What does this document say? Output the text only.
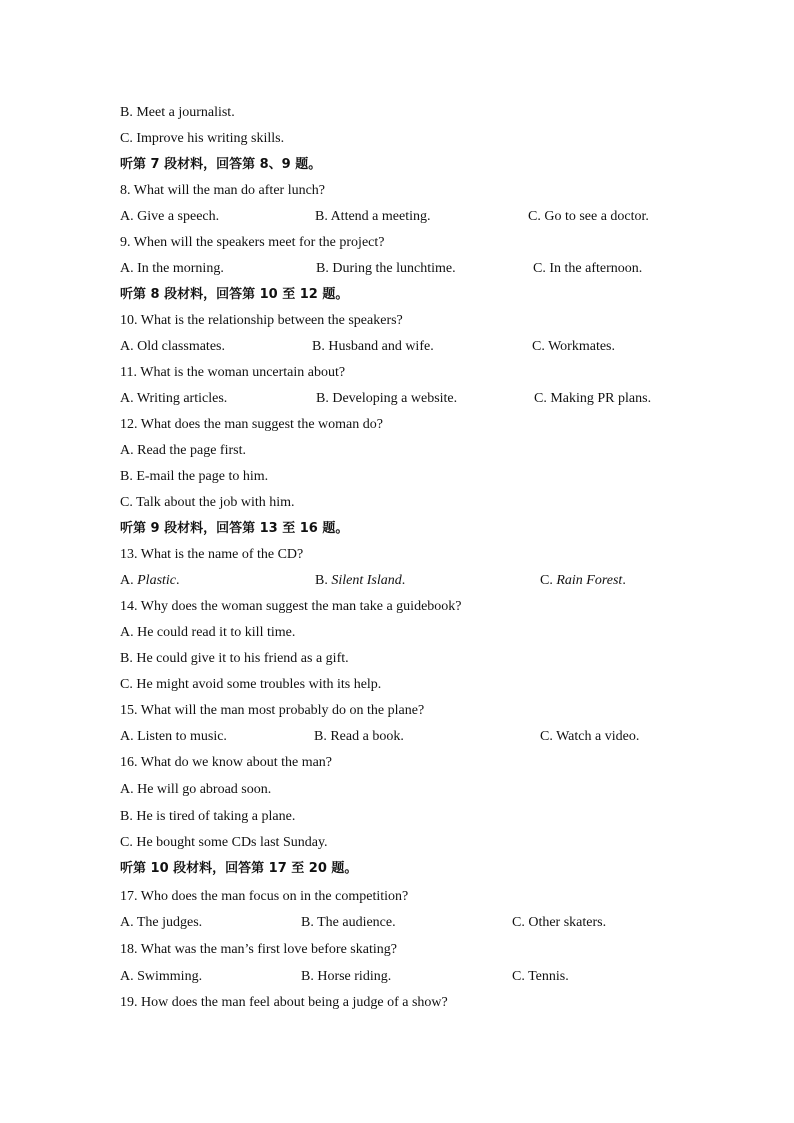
B. Meet a journalist.
C. Improve his writing skills.
听第 7 段材料，回答第 8、9 题。
8. What will the man do after lunch?
A. Give a speech.	B. Attend a meeting.	C. Go to see a doctor.
9. When will the speakers meet for the project?
A. In the morning.	B. During the lunchtime.	C. In the afternoon.
听第 8 段材料，回答第 10 至 12 题。
10. What is the relationship between the speakers?
A. Old classmates.	B. Husband and wife.	C. Workmates.
11. What is the woman uncertain about?
A. Writing articles.	B. Developing a website.	C. Making PR plans.
12. What does the man suggest the woman do?
A. Read the page first.
B. E-mail the page to him.
C. Talk about the job with him.
听第 9 段材料，回答第 13 至 16 题。
13. What is the name of the CD?
A. Plastic.	B. Silent Island.	C. Rain Forest.
14. Why does the woman suggest the man take a guidebook?
A. He could read it to kill time.
B. He could give it to his friend as a gift.
C. He might avoid some troubles with its help.
15. What will the man most probably do on the plane?
A. Listen to music.	B. Read a book.	C. Watch a video.
16. What do we know about the man?
A. He will go abroad soon.
B. He is tired of taking a plane.
C. He bought some CDs last Sunday.
听第 10 段材料，回答第 17 至 20 题。
17. Who does the man focus on in the competition?
A. The judges.	B. The audience.	C. Other skaters.
18. What was the man’s first love before skating?
A. Swimming.	B. Horse riding.	C. Tennis.
19. How does the man feel about being a judge of a show?
